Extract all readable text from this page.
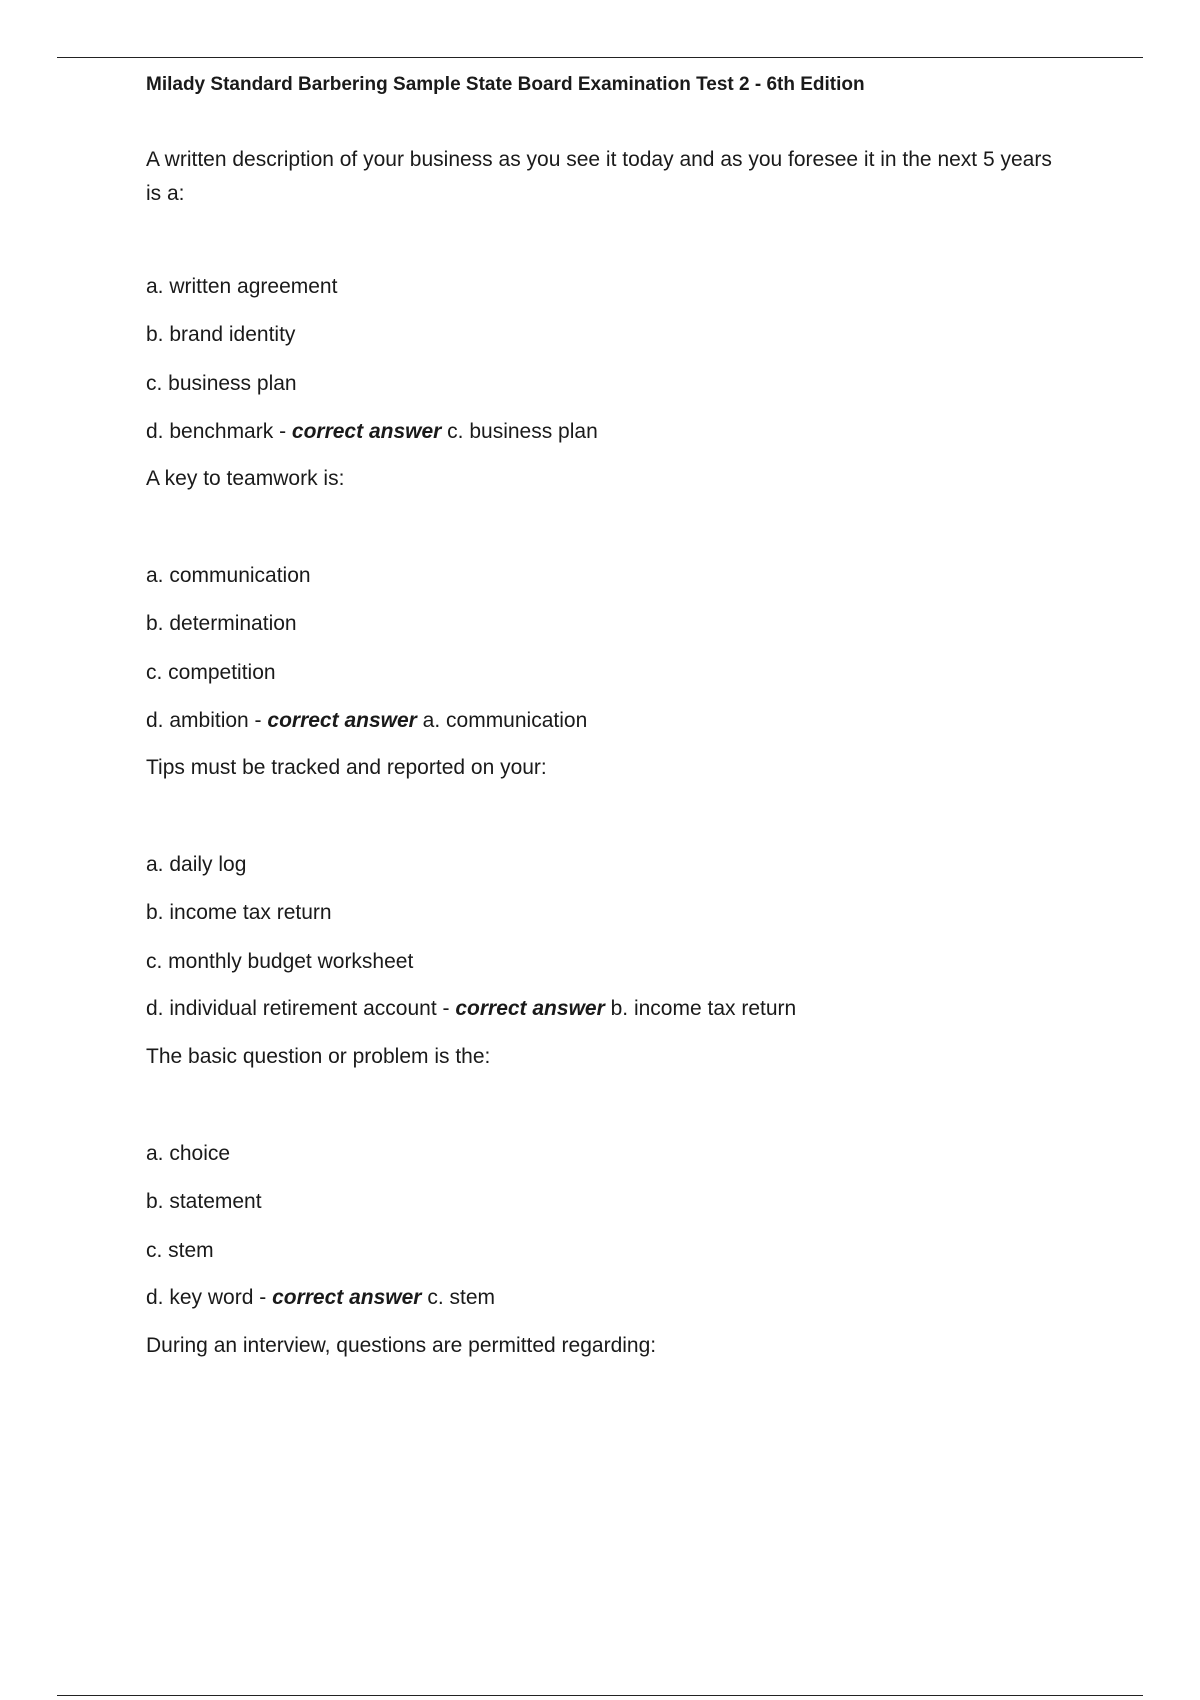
Milady Standard Barbering Sample State Board Examination Test 2 - 6th Edition

A written description of your business as you see it today and as you foresee it in the next 5 years is a:

a. written agreement

b. brand identity

c. business plan

d. benchmark - correct answer c. business plan

A key to teamwork is:

a. communication

b. determination

c. competition

d. ambition - correct answer a. communication

Tips must be tracked and reported on your:

a. daily log

b. income tax return

c. monthly budget worksheet

d. individual retirement account - correct answer b. income tax return

The basic question or problem is the:

a. choice

b. statement

c. stem

d. key word - correct answer c. stem

During an interview, questions are permitted regarding:
